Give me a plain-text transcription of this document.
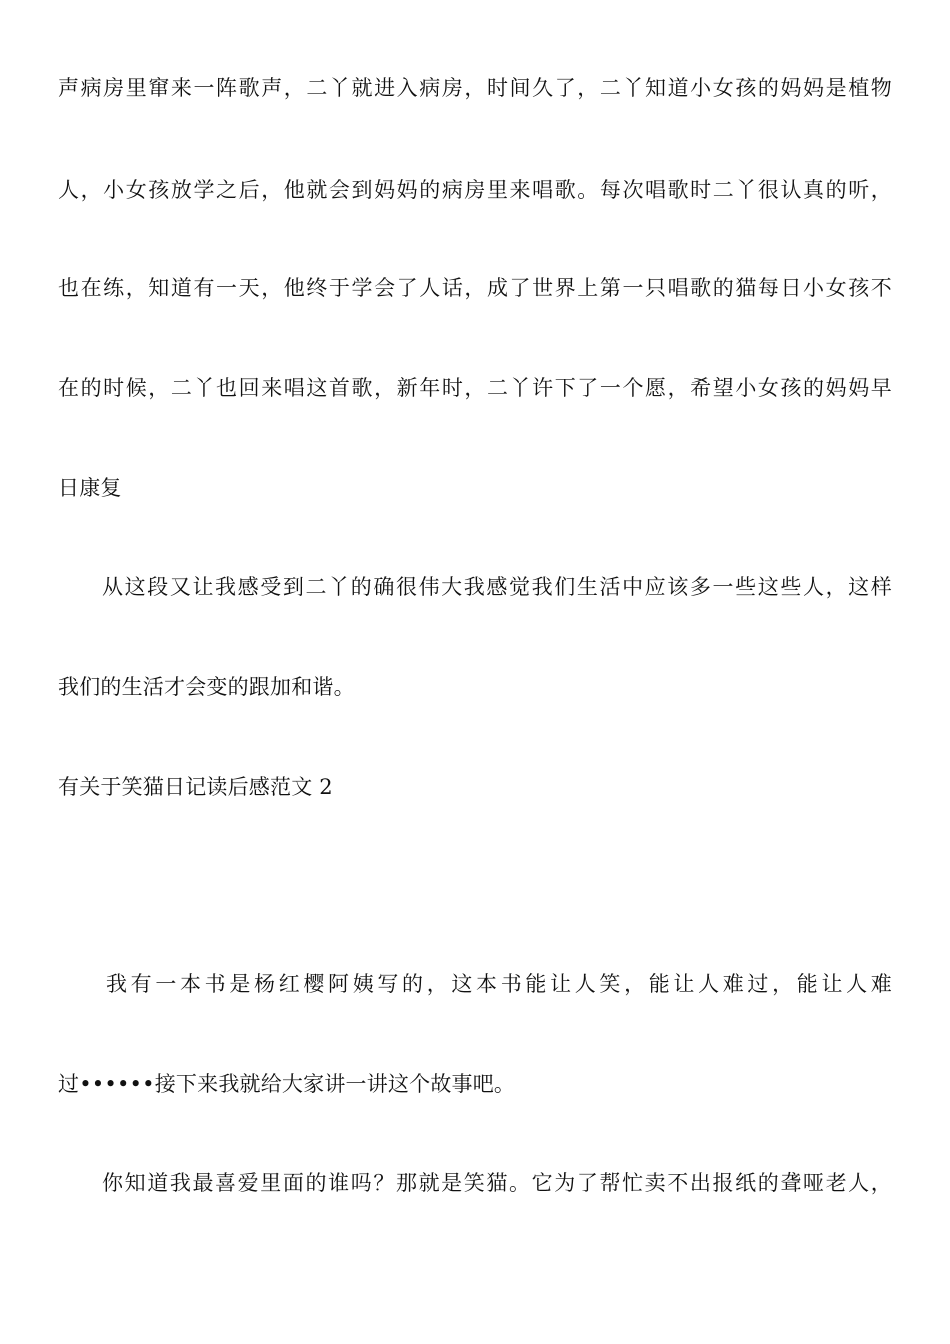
声病房里窜来一阵歌声，二丫就进入病房，时间久了，二丫知道小女孩的妈妈是植物
人，小女孩放学之后，他就会到妈妈的病房里来唱歌。每次唱歌时二丫很认真的听，
也在练，知道有一天，他终于学会了人话，成了世界上第一只唱歌的猫每日小女孩不
在的时候，二丫也回来唱这首歌，新年时，二丫许下了一个愿，希望小女孩的妈妈早
日康复
从这段又让我感受到二丫的确很伟大我感觉我们生活中应该多一些这些人，这样
我们的生活才会变的跟加和谐。
有关于笑猫日记读后感范文 2
我有一本书是杨红樱阿姨写的，这本书能让人笑，能让人难过，能让人难
过••••••接下来我就给大家讲一讲这个故事吧。
你知道我最喜爱里面的谁吗？那就是笑猫。它为了帮忙卖不出报纸的聋哑老人，
